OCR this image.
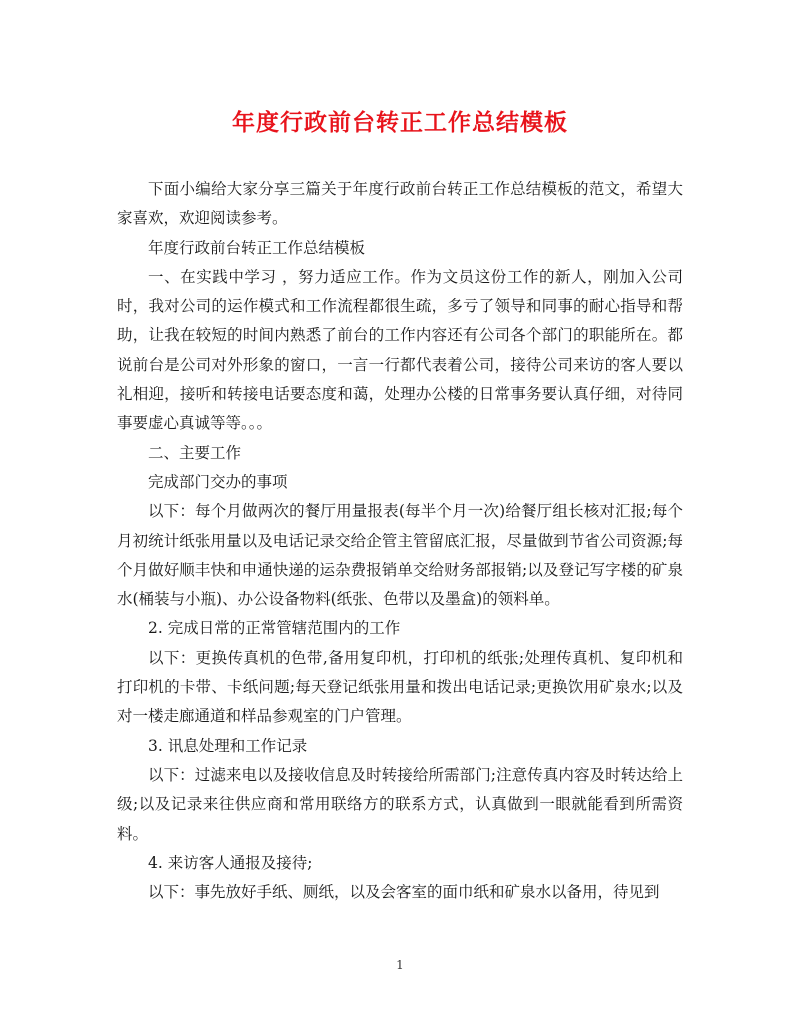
年度行政前台转正工作总结模板

下面小编给大家分享三篇关于年度行政前台转正工作总结模板的范文，希望大家喜欢，欢迎阅读参考。

年度行政前台转正工作总结模板

一、在实践中学习 ，努力适应工作。作为文员这份工作的新人，刚加入公司时，我对公司的运作模式和工作流程都很生疏，多亏了领导和同事的耐心指导和帮助，让我在较短的时间内熟悉了前台的工作内容还有公司各个部门的职能所在。都说前台是公司对外形象的窗口，一言一行都代表着公司，接待公司来访的客人要以礼相迎，接听和转接电话要态度和蔼，处理办公楼的日常事务要认真仔细，对待同事要虚心真诚等等。。。

二、主要工作

完成部门交办的事项

以下：每个月做两次的餐厅用量报表(每半个月一次)给餐厅组长核对汇报;每个月初统计纸张用量以及电话记录交给企管主管留底汇报，尽量做到节省公司资源;每个月做好顺丰快和申通快递的运杂费报销单交给财务部报销;以及登记写字楼的矿泉水(桶装与小瓶)、办公设备物料(纸张、色带以及墨盒)的领料单。

2. 完成日常的正常管辖范围内的工作

以下：更换传真机的色带,备用复印机，打印机的纸张;处理传真机、复印机和打印机的卡带、卡纸问题;每天登记纸张用量和拨出电话记录;更换饮用矿泉水;以及对一楼走廊通道和样品参观室的门户管理。

3. 讯息处理和工作记录

以下：过滤来电以及接收信息及时转接给所需部门;注意传真内容及时转达给上级;以及记录来往供应商和常用联络方的联系方式，认真做到一眼就能看到所需资料。

4. 来访客人通报及接待;

以下：事先放好手纸、厕纸，以及会客室的面巾纸和矿泉水以备用，待见到

1
